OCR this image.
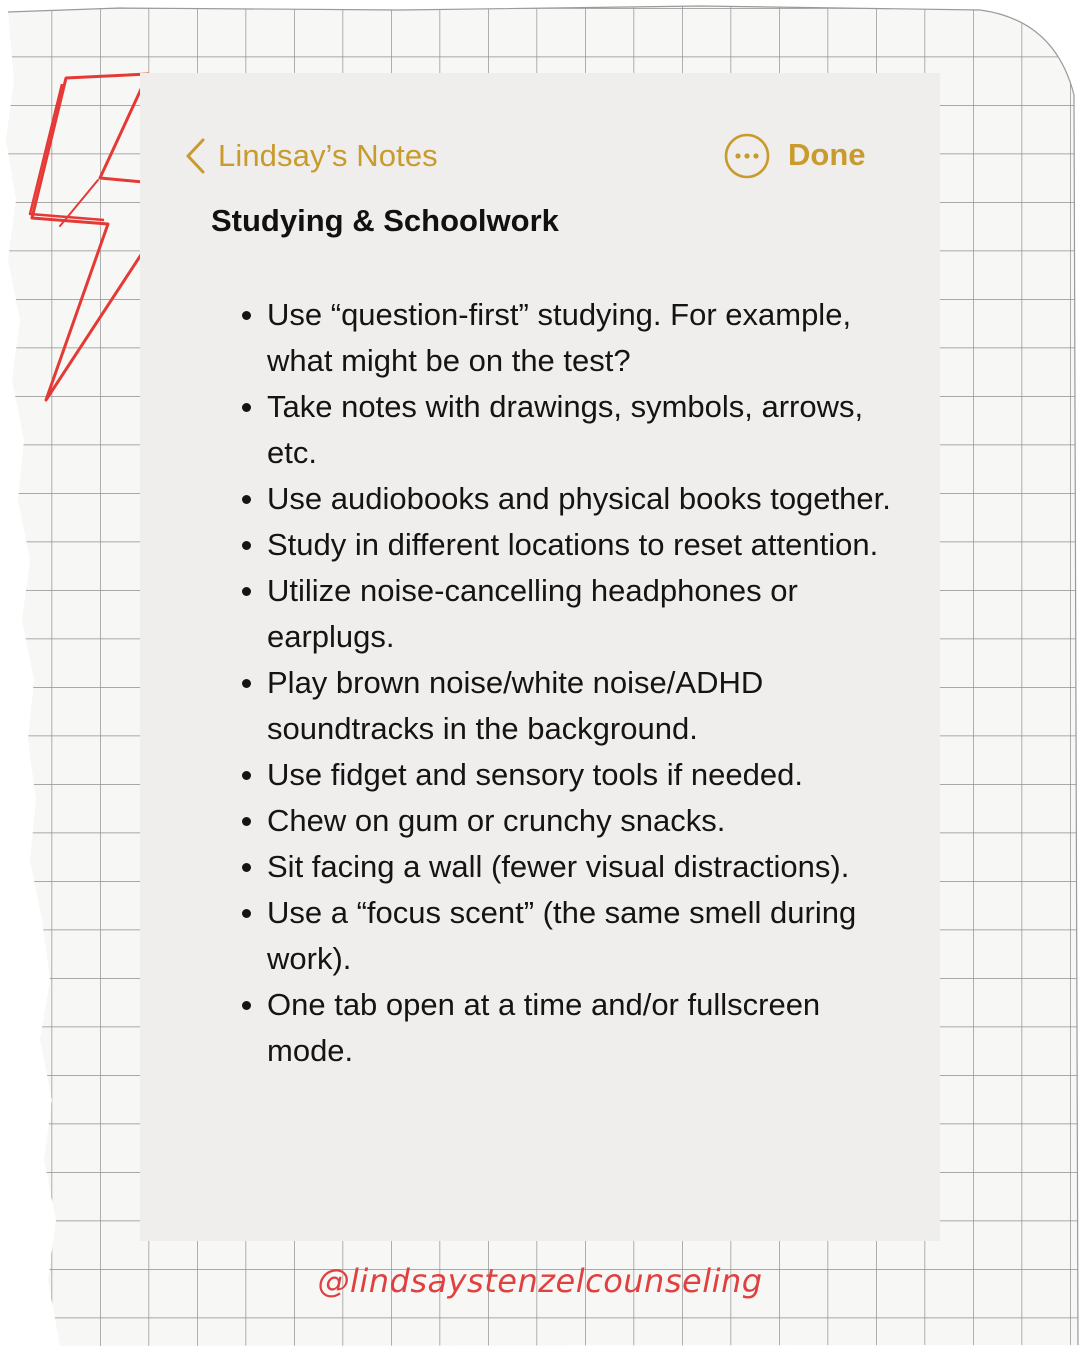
Lindsay’s Notes	Done
Studying & Schoolwork
Use “question-first” studying. For example, what might be on the test?
Take notes with drawings, symbols, arrows, etc.
Use audiobooks and physical books together.
Study in different locations to reset attention.
Utilize noise-cancelling headphones or earplugs.
Play brown noise/white noise/ADHD soundtracks in the background.
Use fidget and sensory tools if needed.
Chew on gum or crunchy snacks.
Sit facing a wall (fewer visual distractions).
Use a “focus scent” (the same smell during work).
One tab open at a time and/or fullscreen mode.
@lindsaystenzelcounseling
